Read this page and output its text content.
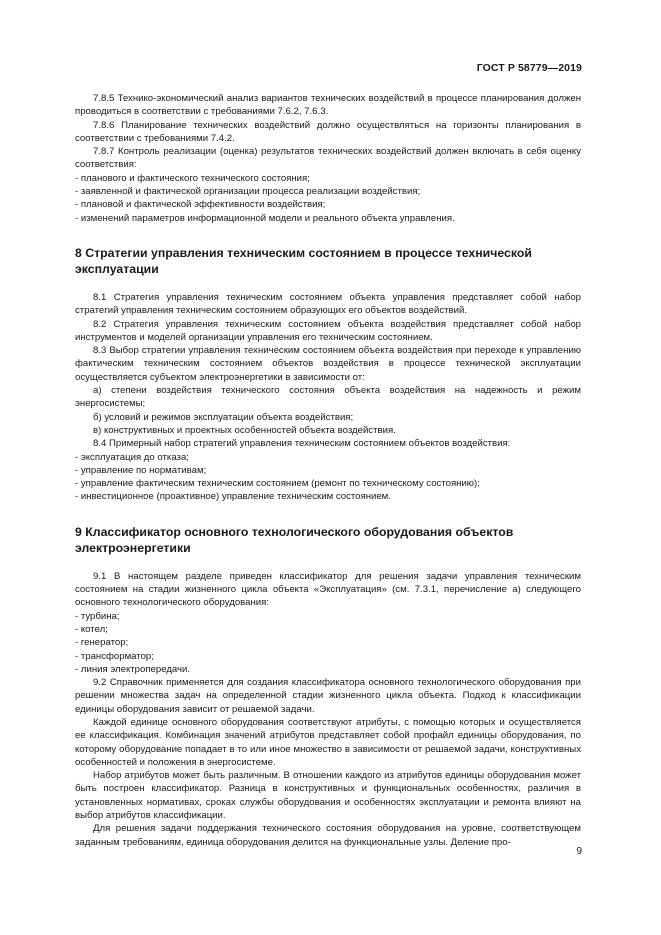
ГОСТ Р 58779—2019

7.8.5 Технико-экономический анализ вариантов технических воздействий в процессе планирования должен проводиться в соответствии с требованиями 7.6.2, 7.6.3.

7.8.6 Планирование технических воздействий должно осуществляться на горизонты планирования в соответствии с требованиями 7.4.2.

7.8.7 Контроль реализации (оценка) результатов технических воздействий должен включать в себя оценку соответствия:

- планового и фактического технического состояния;

- заявленной и фактической организации процесса реализации воздействия;

- плановой и фактической эффективности воздействия;

- изменений параметров информационной модели и реального объекта управления.

8 Стратегии управления техническим состоянием в процессе технической эксплуатации

8.1 Стратегия управления техническим состоянием объекта управления представляет собой набор стратегий управления техническим состоянием образующих его объектов воздействий.

8.2 Стратегия управления техническим состоянием объекта воздействия представляет собой набор инструментов и моделей организации управления его техническим состоянием.

8.3 Выбор стратегии управления техническим состоянием объекта воздействия при переходе к управлению фактическим техническим состоянием объектов воздействия в процессе технической эксплуатации осуществляется субъектом электроэнергетики в зависимости от:

а) степени воздействия технического состояния объекта воздействия на надежность и режим энергосистемы;

б) условий и режимов эксплуатации объекта воздействия;

в) конструктивных и проектных особенностей объекта воздействия.

8.4 Примерный набор стратегий управления техническим состоянием объектов воздействия:

- эксплуатация до отказа;

- управление по нормативам;

- управление фактическим техническим состоянием (ремонт по техническому состоянию);

- инвестиционное (проактивное) управление техническим состоянием.

9 Классификатор основного технологического оборудования объектов электроэнергетики

9.1 В настоящем разделе приведен классификатор для решения задачи управления техническим состоянием на стадии жизненного цикла объекта «Эксплуатация» (см. 7.3.1, перечисление а) следующего основного технологического оборудования:

- турбина;

- котел;

- генератор;

- трансформатор;

- линия электропередачи.

9.2 Справочник применяется для создания классификатора основного технологического оборудования при решении множества задач на определенной стадии жизненного цикла объекта. Подход к классификации единицы оборудования зависит от решаемой задачи.

Каждой единице основного оборудования соответствуют атрибуты, с помощью которых и осуществляется ее классификация. Комбинация значений атрибутов представляет собой профайл единицы оборудования, по которому оборудование попадает в то или иное множество в зависимости от решаемой задачи, конструктивных особенностей и положения в энергосистеме.

Набор атрибутов может быть различным. В отношении каждого из атрибутов единицы оборудования может быть построен классификатор. Разница в конструктивных и функциональных особенностях, различия в установленных нормативах, сроках службы оборудования и особенностях эксплуатации и ремонта влияют на выбор атрибутов классификации.

Для решения задачи поддержания технического состояния оборудования на уровне, соответствующем заданным требованиям, единица оборудования делится на функциональные узлы. Деление про-

9
